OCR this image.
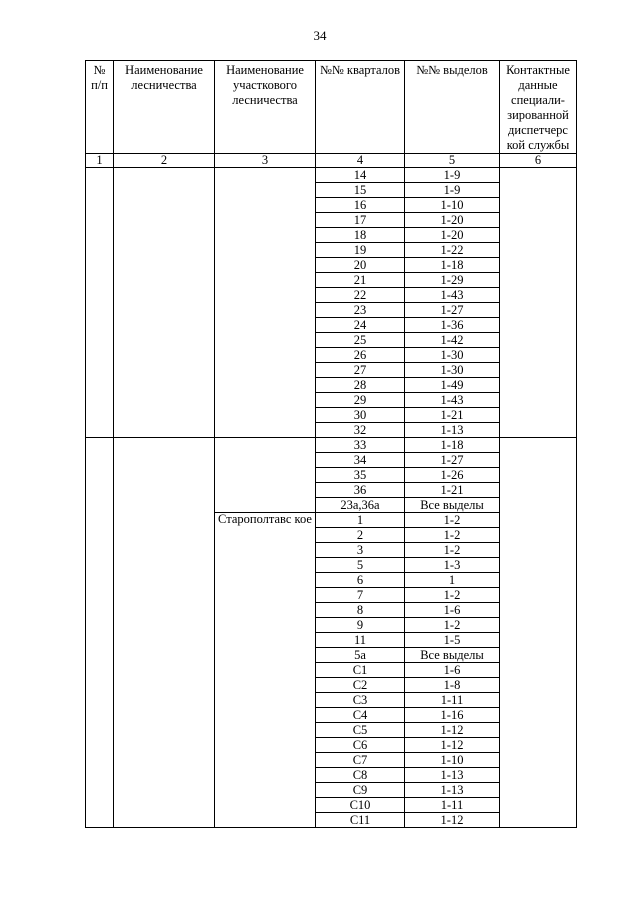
34
№ п/п	Наименование лесничества	Наименование участкового лесничества	№№ кварталов	№№ выделов	Контактные данные специали-зированной диспетчерс кой службы
1	2	3	4	5	6
			14	1-9	
			15	1-9	
			16	1-10	
			17	1-20	
			18	1-20	
			19	1-22	
			20	1-18	
			21	1-29	
			22	1-43	
			23	1-27	
			24	1-36	
			25	1-42	
			26	1-30	
			27	1-30	
			28	1-49	
			29	1-43	
			30	1-21	
			32	1-13	
			33	1-18	
			34	1-27	
			35	1-26	
			36	1-21	
			23а,36а	Все выделы	
		Старополтавс кое	1	1-2	
			2	1-2	
			3	1-2	
			5	1-3	
			6	1	
			7	1-2	
			8	1-6	
			9	1-2	
			11	1-5	
			5а	Все выделы	
			С1	1-6	
			С2	1-8	
			С3	1-11	
			С4	1-16	
			С5	1-12	
			С6	1-12	
			С7	1-10	
			С8	1-13	
			С9	1-13	
			С10	1-11	
			С11	1-12	
